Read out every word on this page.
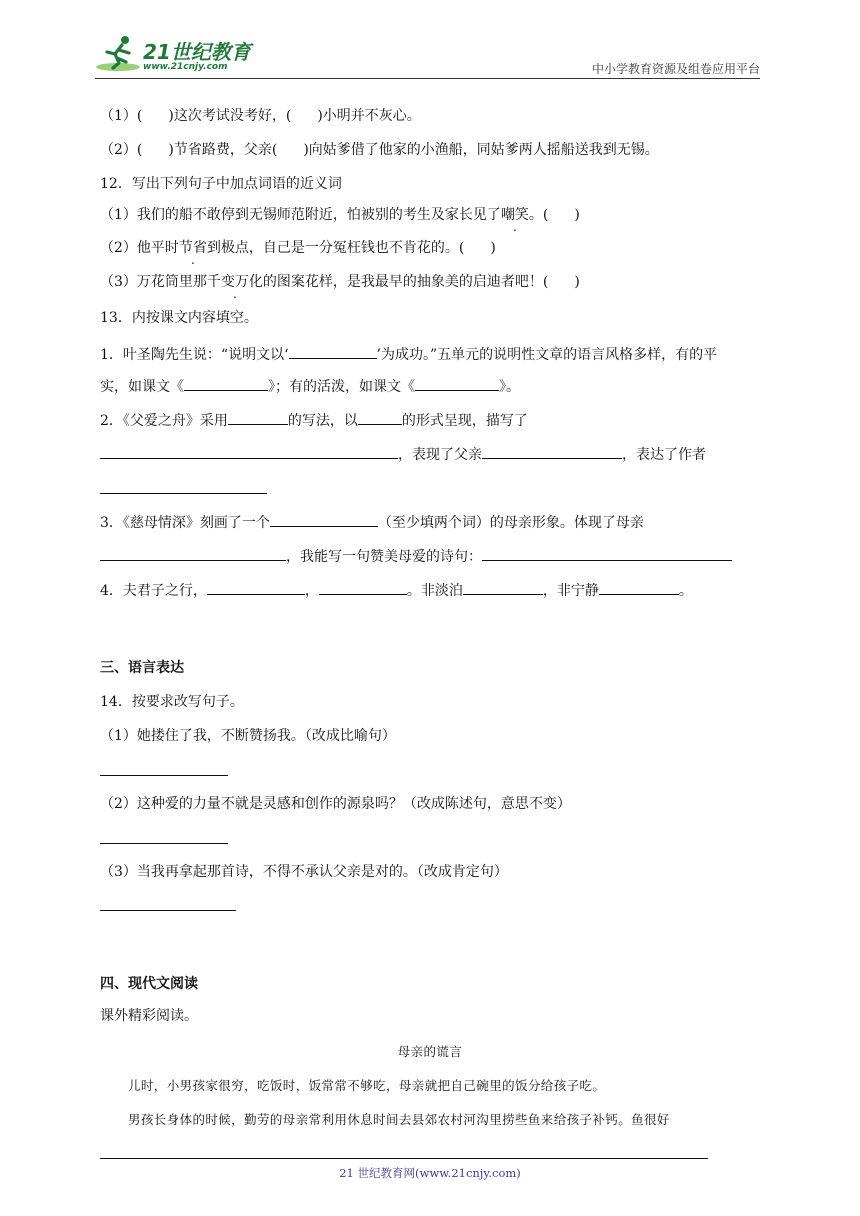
21世纪教育
www.21cnjy.com	中小学教育资源及组卷应用平台
（1）( )这次考试没考好，( )小明并不灰心。
（2）( )节省路费，父亲( )向姑爹借了他家的小渔船，同姑爹两人摇船送我到无锡。
12．写出下列句子中加点词语的近义词
（1）我们的船不敢停到无锡师范附近，怕被别的考生及家长见了嘲笑。( )
（2）他平时节省到极点，自己是一分冤枉钱也不肯花的。( )
（3）万花筒里那千变万化的图案花样，是我最早的抽象美的启迪者吧！( )
13．内按课文内容填空。
1．叶圣陶先生说：“说明文以‘	’为成功。”五单元的说明性文章的语言风格多样，有的平
实，如课文《	》；有的活泼，如课文《	》。
2．《父爱之舟》采用	的写法，以	的形式呈现，描写了
，表现了父亲	，表达了作者
3．《慈母情深》刻画了一个	（至少填两个词）的母亲形象。体现了母亲
，我能写一句赞美母爱的诗句：
4．夫君子之行，	，	。非淡泊	，非宁静	。
三、语言表达
14．按要求改写句子。
（1）她搂住了我，不断赞扬我。（改成比喻句）
（2）这种爱的力量不就是灵感和创作的源泉吗？（改成陈述句，意思不变）
（3）当我再拿起那首诗，不得不承认父亲是对的。（改成肯定句）
四、现代文阅读
课外精彩阅读。
母亲的谎言
儿时，小男孩家很穷，吃饭时，饭常常不够吃，母亲就把自己碗里的饭分给孩子吃。
男孩长身体的时候，勤劳的母亲常利用休息时间去县郊农村河沟里捞些鱼来给孩子补钙。鱼很好
21 世纪教育网(www.21cnjy.com)
